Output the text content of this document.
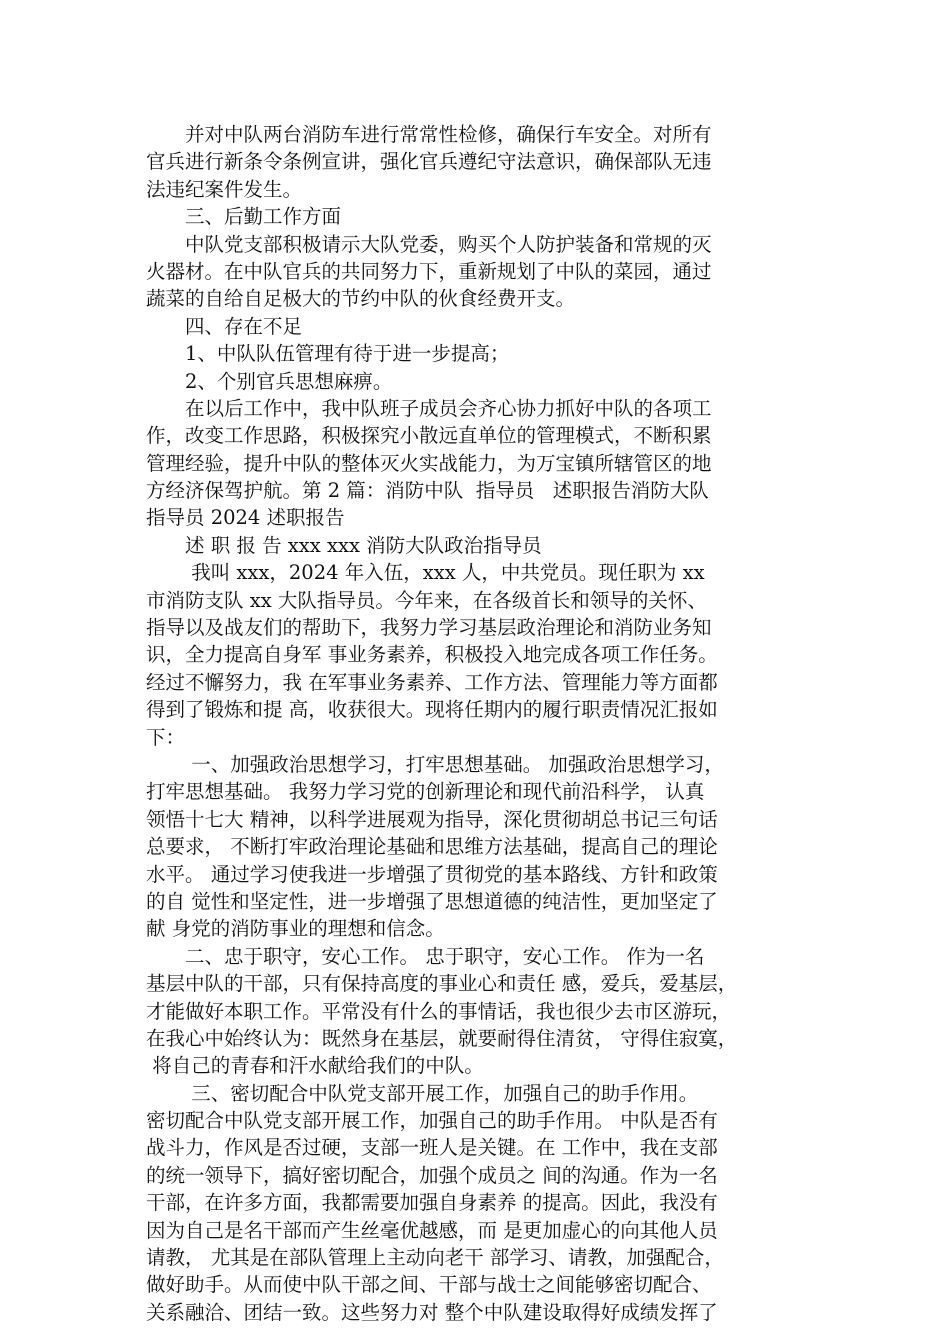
　　并对中队两台消防车进行常常性检修，确保行车安全。对所有
官兵进行新条令条例宣讲，强化官兵遵纪守法意识，确保部队无违
法违纪案件发生。
　　三、后勤工作方面
　　中队党支部积极请示大队党委，购买个人防护装备和常规的灭
火器材。在中队官兵的共同努力下，重新规划了中队的菜园，通过
蔬菜的自给自足极大的节约中队的伙食经费开支。
　　四、存在不足
　　1、中队队伍管理有待于进一步提高；
　　2、个别官兵思想麻痹。
　　在以后工作中，我中队班子成员会齐心协力抓好中队的各项工
作，改变工作思路，积极探究小散远直单位的管理模式，不断积累
管理经验，提升中队的整体灭火实战能力，为万宝镇所辖管区的地
方经济保驾护航。第 2 篇：消防中队  指导员   述职报告消防大队
指导员 2024 述职报告
　　述 职 报 告 xxx xxx 消防大队政治指导员
　　 我叫 xxx，2024 年入伍，xxx 人，中共党员。现任职为 xx
市消防支队 xx 大队指导员。今年来，在各级首长和领导的关怀、
指导以及战友们的帮助下，我努力学习基层政治理论和消防业务知
识，全力提高自身军 事业务素养，积极投入地完成各项工作任务。
经过不懈努力，我 在军事业务素养、工作方法、管理能力等方面都
得到了锻炼和提 高，收获很大。现将任期内的履行职责情况汇报如
下：
　　 一、加强政治思想学习，打牢思想基础。 加强政治思想学习，
打牢思想基础。 我努力学习党的创新理论和现代前沿科学， 认真
领悟十七大 精神，以科学进展观为指导，深化贯彻胡总书记三句话
总要求， 不断打牢政治理论基础和思维方法基础，提高自己的理论
水平。 通过学习使我进一步增强了贯彻党的基本路线、方针和政策
的自 觉性和坚定性，进一步增强了思想道德的纯洁性，更加坚定了
献 身党的消防事业的理想和信念。
　　二、忠于职守，安心工作。 忠于职守，安心工作。 作为一名
基层中队的干部，只有保持高度的事业心和责任 感，爱兵，爱基层，
才能做好本职工作。平常没有什么的事情话，我也很少去市区游玩，
在我心中始终认为：既然身在基层，就要耐得住清贫， 守得住寂寞，
将自己的青春和汗水献给我们的中队。
　　 三、密切配合中队党支部开展工作，加强自己的助手作用。
密切配合中队党支部开展工作，加强自己的助手作用。 中队是否有
战斗力，作风是否过硬，支部一班人是关键。在 工作中，我在支部
的统一领导下，搞好密切配合，加强个成员之 间的沟通。作为一名
干部，在许多方面，我都需要加强自身素养 的提高。因此，我没有
因为自己是名干部而产生丝毫优越感，而 是更加虚心的向其他人员
请教， 尤其是在部队管理上主动向老干 部学习、请教，加强配合，
做好助手。从而使中队干部之间、干部与战士之间能够密切配合、
关系融洽、团结一致。这些努力对 整个中队建设取得好成绩发挥了
